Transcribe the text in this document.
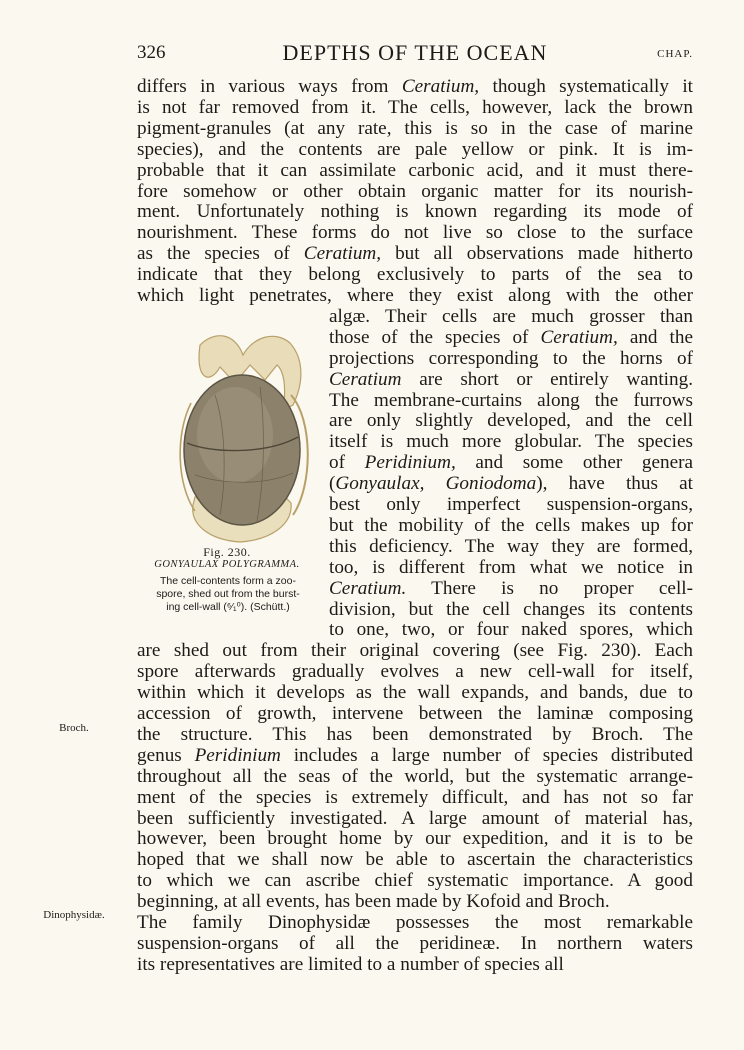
326	DEPTHS OF THE OCEAN	CHAP.
Fig. 230.
GONYAULAX POLYGRAMMA.
The cell-contents form a zoo-
spore, shed out from the burst-
ing cell-wall (⁶⁄₁⁰). (Schütt.)
Broch.
Dinophysidæ.
differs in various ways from Ceratium, though systematically it
is not far removed from it. The cells, however, lack the brown
pigment-granules (at any rate, this is so in the case of marine
species), and the contents are pale yellow or pink. It is im-
probable that it can assimilate carbonic acid, and it must there-
fore somehow or other obtain organic matter for its nourish-
ment. Unfortunately nothing is known regarding its mode of
nourishment. These forms do not live so close to the surface
as the species of Ceratium, but all observations made hitherto
indicate that they belong exclusively to parts of the sea to
which light penetrates, where they exist along with the other
algæ. Their cells are much grosser than
those of the species of Ceratium, and the
projections corresponding to the horns of
Ceratium are short or entirely wanting.
The membrane-curtains along the furrows
are only slightly developed, and the cell
itself is much more globular. The species
of Peridinium, and some other genera
(Gonyaulax, Goniodoma), have thus at
best only imperfect suspension-organs,
but the mobility of the cells makes up for
this deficiency. The way they are formed,
too, is different from what we notice in
Ceratium. There is no proper cell-
division, but the cell changes its contents
to one, two, or four naked spores, which
are shed out from their original covering (see Fig. 230). Each
spore afterwards gradually evolves a new cell-wall for itself,
within which it develops as the wall expands, and bands, due to
accession of growth, intervene between the laminæ composing
the structure. This has been demonstrated by Broch. The
genus Peridinium includes a large number of species distributed
throughout all the seas of the world, but the systematic arrange-
ment of the species is extremely difficult, and has not so far
been sufficiently investigated. A large amount of material has,
however, been brought home by our expedition, and it is to be
hoped that we shall now be able to ascertain the characteristics
to which we can ascribe chief systematic importance. A good
beginning, at all events, has been made by Kofoid and Broch.
The family Dinophysidæ possesses the most remarkable
suspension-organs of all the peridineæ. In northern waters
its representatives are limited to a number of species all
